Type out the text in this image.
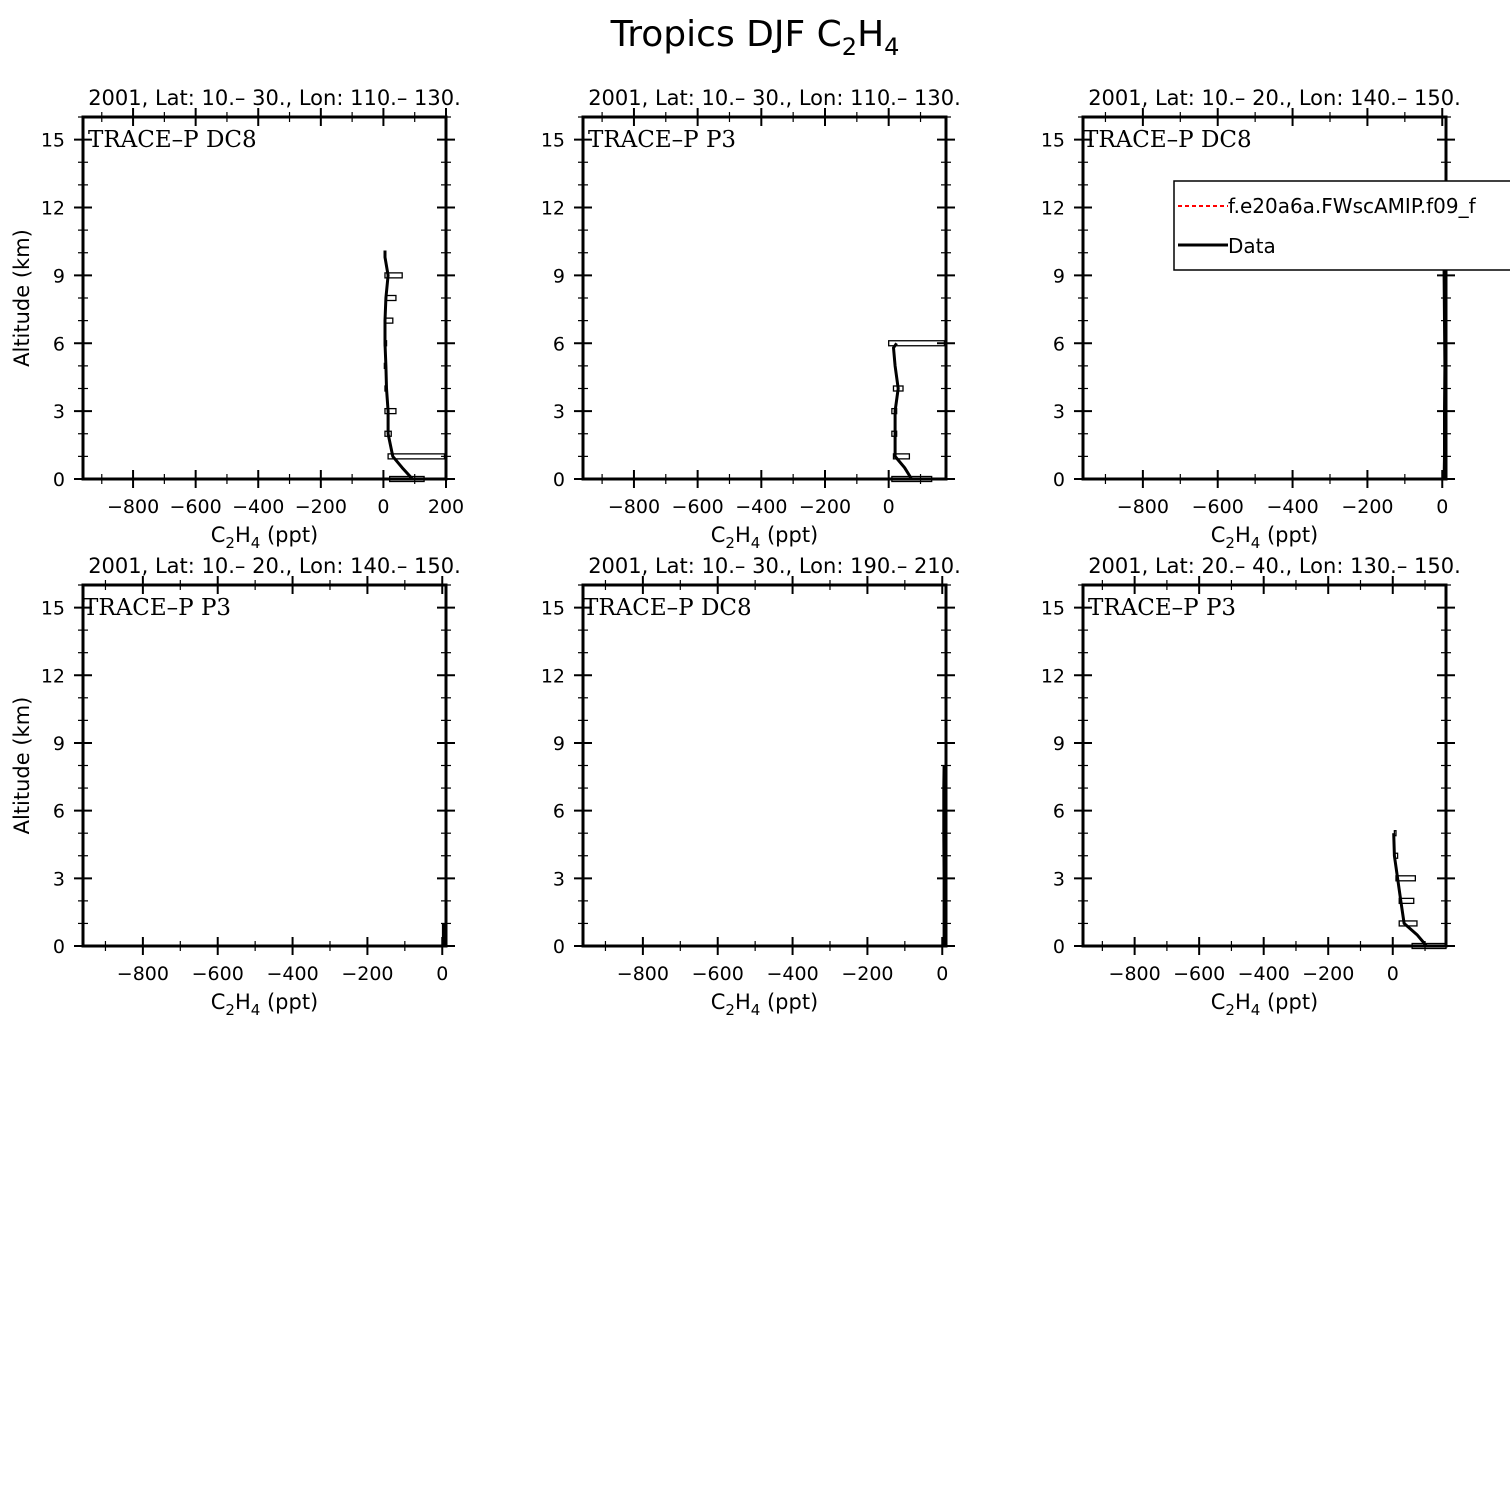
Tropics DJF $C_2H_4$
0
3
6
9
12
15
−800 −600 −400 −200 0 200
2001, Lat: 10.– 30., Lon: 110.– 130.
TRACE–P DC8
$C_2H_4$ (ppt)
Altitude (km)
0
3
6
9
12
15
−800 −600 −400 −200 0
2001, Lat: 10.– 30., Lon: 110.– 130.
TRACE–P P3
$C_2H_4$ (ppt)
0
3
6
9
12
15
−800 −600 −400 −200 0
2001, Lat: 10.– 20., Lon: 140.– 150.
TRACE–P DC8
$C_2H_4$ (ppt)
0
3
6
9
12
15
−800 −600 −400 −200 0
2001, Lat: 10.– 20., Lon: 140.– 150.
TRACE–P P3
$C_2H_4$ (ppt)
Altitude (km)
0
3
6
9
12
15
−800 −600 −400 −200 0
2001, Lat: 10.– 30., Lon: 190.– 210.
TRACE–P DC8
$C_2H_4$ (ppt)
0
3
6
9
12
15
−800 −600 −400 −200 0
2001, Lat: 20.– 40., Lon: 130.– 150.
TRACE–P P3
$C_2H_4$ (ppt)
f.e20a6a.FWscAMIP.f09_f
Data
